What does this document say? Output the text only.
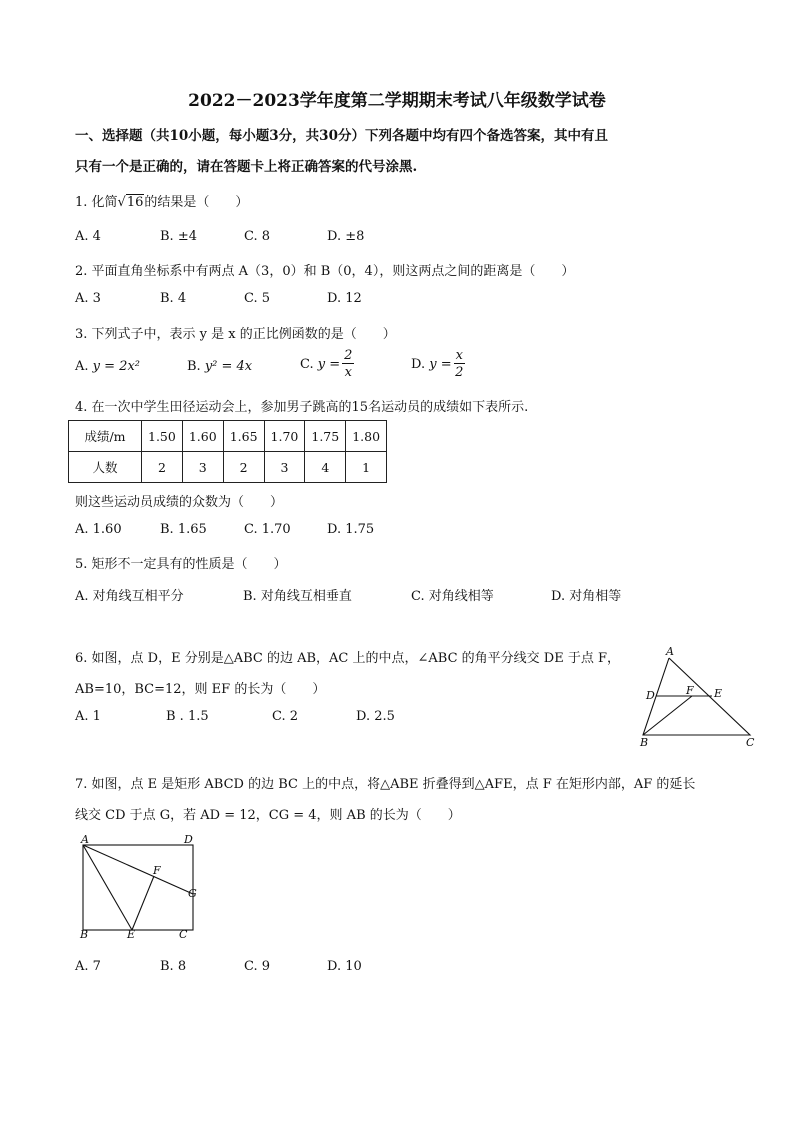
2022－2023学年度第二学期期末考试八年级数学试卷
一、选择题（共10小题，每小题3分，共30分）下列各题中均有四个备选答案，其中有且
只有一个是正确的，请在答题卡上将正确答案的代号涂黑.
1. 化简√16的结果是（　　）
A. 4	B. ±4	C. 8	D. ±8
2. 平面直角坐标系中有两点 A（3，0）和 B（0，4），则这两点之间的距离是（　　）
A. 3	B. 4	C. 5	D. 12
3. 下列式子中，表示 y 是 x 的正比例函数的是（　　）
A. y = 2x²	B. y² = 4x	C.
$y = \frac{2}{x}$	D.
$y = \frac{x}{2}$
4. 在一次中学生田径运动会上，参加男子跳高的15名运动员的成绩如下表所示.
成绩/m	1.50	1.60	1.65	1.70	1.75	1.80
人数	2	3	2	3	4	1
则这些运动员成绩的众数为（　　）
A. 1.60	B. 1.65	C. 1.70	D. 1.75
5. 矩形不一定具有的性质是（　　）
A. 对角线互相平分	B. 对角线互相垂直	C. 对角线相等	D. 对角相等
6. 如图，点 D，E 分别是△ABC 的边 AB，AC 上的中点，∠ABC 的角平分线交 DE 于点 F，
AB=10，BC=12，则 EF 的长为（　　）
A. 1	B . 1.5	C. 2	D. 2.5
A
D	F E
B	C
7. 如图，点 E 是矩形 ABCD 的边 BC 上的中点，将△ABE 折叠得到△AFE，点 F 在矩形内部，AF 的延长
线交 CD 于点 G，若 AD = 12，CG = 4，则 AB 的长为（　　）
A	D
F
G
B	E	C
A. 7	B. 8	C. 9	D. 10
